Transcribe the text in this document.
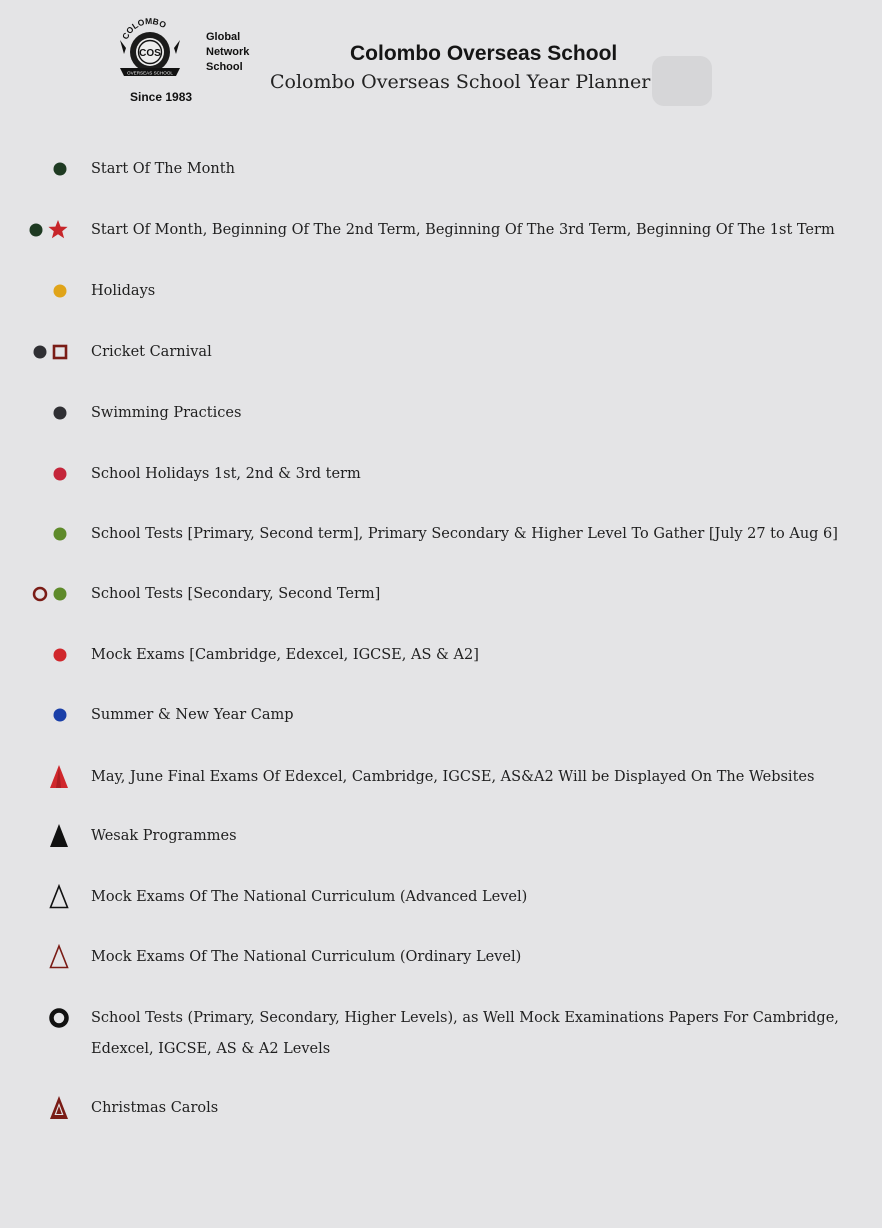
COLOMBO
COS
OVERSEAS SCHOOL
Global
Network
School
Since 1983
Colombo Overseas School
Colombo Overseas School Year Planner
Start Of The Month
Start Of Month, Beginning Of The 2nd Term, Beginning Of The 3rd Term, Beginning Of The 1st Term
Holidays
Cricket Carnival
Swimming Practices
School Holidays 1st, 2nd & 3rd term
School Tests [Primary, Second term], Primary Secondary & Higher Level To Gather [July 27 to Aug 6]
School Tests [Secondary, Second Term]
Mock Exams [Cambridge, Edexcel, IGCSE, AS & A2]
Summer & New Year Camp
May, June Final Exams Of Edexcel, Cambridge, IGCSE, AS&A2 Will be Displayed On The Websites
Wesak Programmes
Mock Exams Of The National Curriculum (Advanced Level)
Mock Exams Of The National Curriculum (Ordinary Level)
School Tests (Primary, Secondary, Higher Levels), as Well Mock Examinations Papers For Cambridge, Edexcel, IGCSE, AS & A2 Levels
Christmas Carols
